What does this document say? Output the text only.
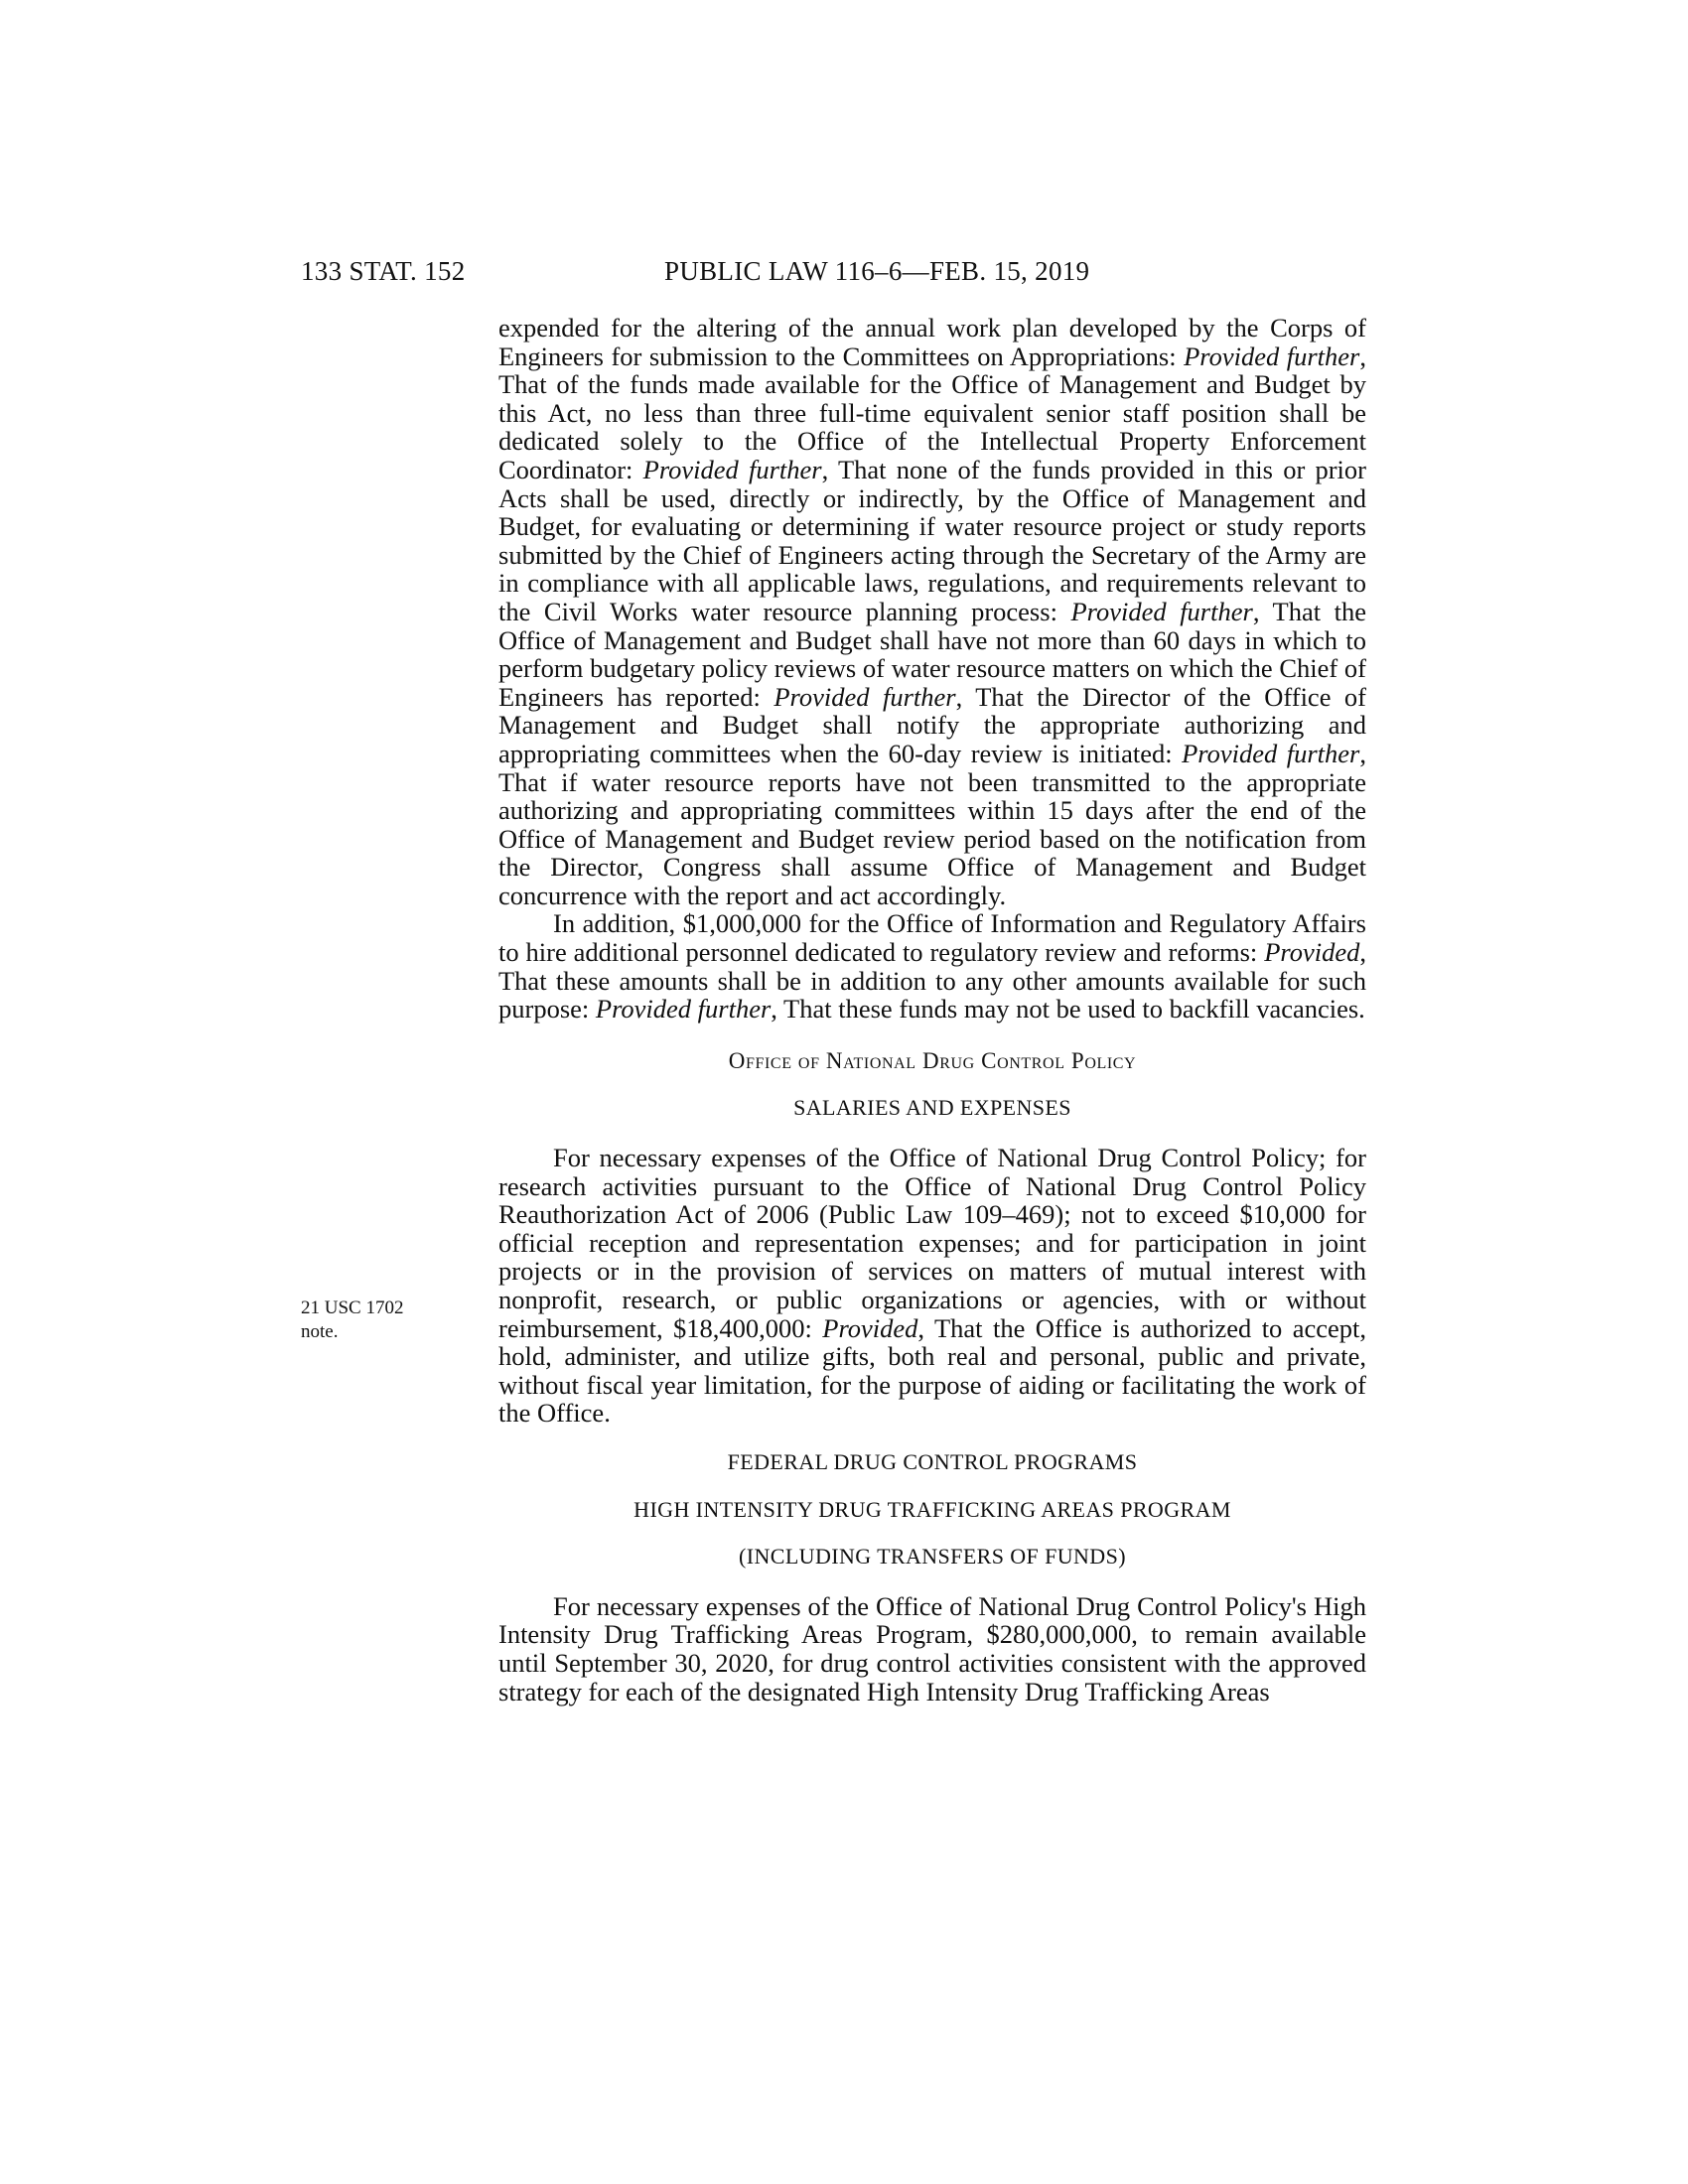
133 STAT. 152	PUBLIC LAW 116–6—FEB. 15, 2019
21 USC 1702
note.

expended for the altering of the annual work plan developed by the Corps of Engineers for submission to the Committees on Appropriations: Provided further, That of the funds made available for the Office of Management and Budget by this Act, no less than three full-time equivalent senior staff position shall be dedicated solely to the Office of the Intellectual Property Enforcement Coordinator: Provided further, That none of the funds provided in this or prior Acts shall be used, directly or indirectly, by the Office of Management and Budget, for evaluating or determining if water resource project or study reports submitted by the Chief of Engineers acting through the Secretary of the Army are in compliance with all applicable laws, regulations, and requirements relevant to the Civil Works water resource planning process: Provided further, That the Office of Management and Budget shall have not more than 60 days in which to perform budgetary policy reviews of water resource matters on which the Chief of Engineers has reported: Provided further, That the Director of the Office of Management and Budget shall notify the appropriate authorizing and appropriating committees when the 60-day review is initiated: Provided further, That if water resource reports have not been transmitted to the appropriate authorizing and appropriating committees within 15 days after the end of the Office of Management and Budget review period based on the notification from the Director, Congress shall assume Office of Management and Budget concurrence with the report and act accordingly.

In addition, $1,000,000 for the Office of Information and Regulatory Affairs to hire additional personnel dedicated to regulatory review and reforms: Provided, That these amounts shall be in addition to any other amounts available for such purpose: Provided further, That these funds may not be used to backfill vacancies.

Office of National Drug Control Policy

SALARIES AND EXPENSES

For necessary expenses of the Office of National Drug Control Policy; for research activities pursuant to the Office of National Drug Control Policy Reauthorization Act of 2006 (Public Law 109–469); not to exceed $10,000 for official reception and representation expenses; and for participation in joint projects or in the provision of services on matters of mutual interest with nonprofit, research, or public organizations or agencies, with or without reimbursement, $18,400,000: Provided, That the Office is authorized to accept, hold, administer, and utilize gifts, both real and personal, public and private, without fiscal year limitation, for the purpose of aiding or facilitating the work of the Office.

FEDERAL DRUG CONTROL PROGRAMS

HIGH INTENSITY DRUG TRAFFICKING AREAS PROGRAM

(INCLUDING TRANSFERS OF FUNDS)

For necessary expenses of the Office of National Drug Control Policy's High Intensity Drug Trafficking Areas Program, $280,000,000, to remain available until September 30, 2020, for drug control activities consistent with the approved strategy for each of the designated High Intensity Drug Trafficking Areas
